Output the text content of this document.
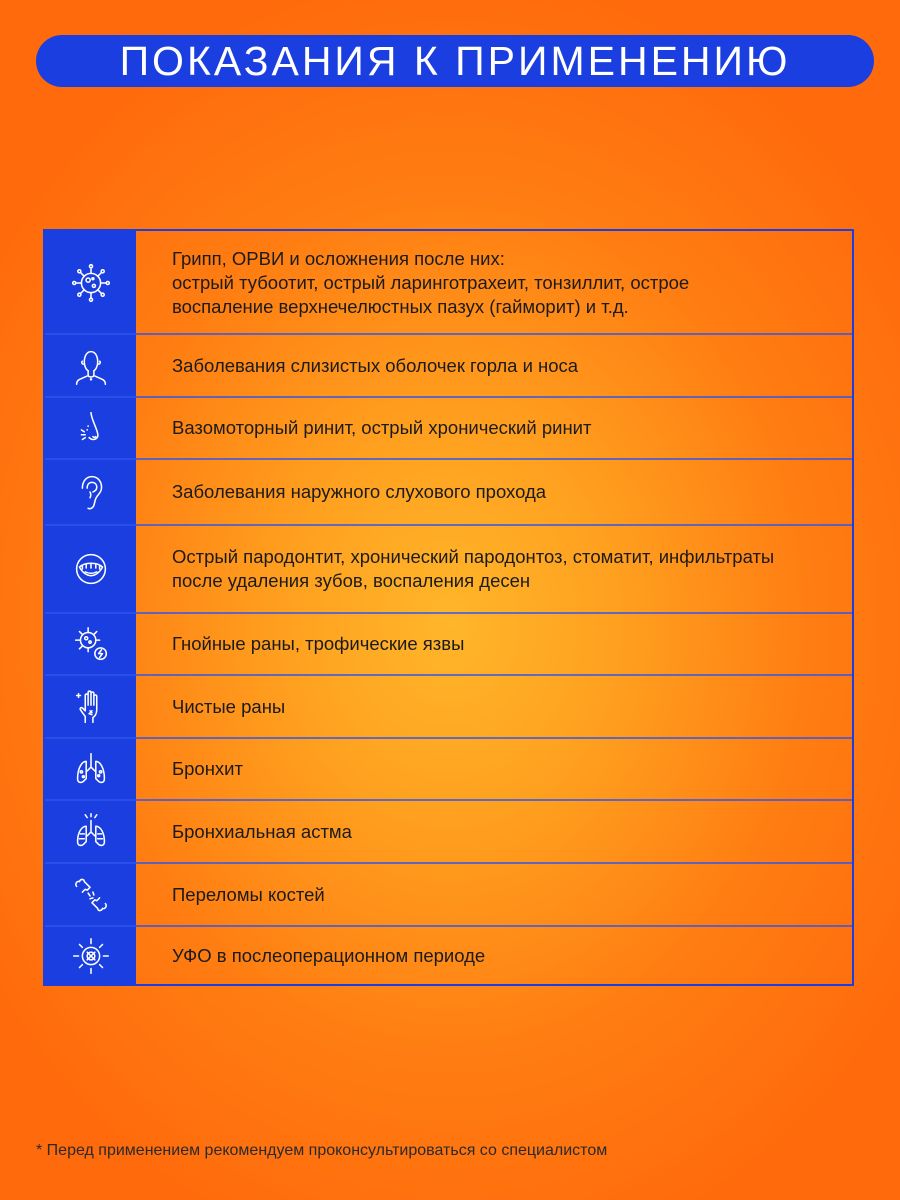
ПОКАЗАНИЯ К ПРИМЕНЕНИЮ
Грипп, ОРВИ и осложнения после них:
острый тубоотит, острый ларинготрахеит, тонзиллит, острое
воспаление верхнечелюстных пазух (гайморит) и т.д.
Заболевания слизистых оболочек горла и носа
Вазомоторный ринит, острый хронический ринит
Заболевания наружного слухового прохода
Острый пародонтит, хронический пародонтоз, стоматит, инфильтраты
после удаления зубов, воспаления десен
Гнойные раны, трофические язвы
Чистые раны
Бронхит
Бронхиальная астма
Переломы костей
УФО в послеоперационном периоде
* Перед применением рекомендуем проконсультироваться со специалистом
